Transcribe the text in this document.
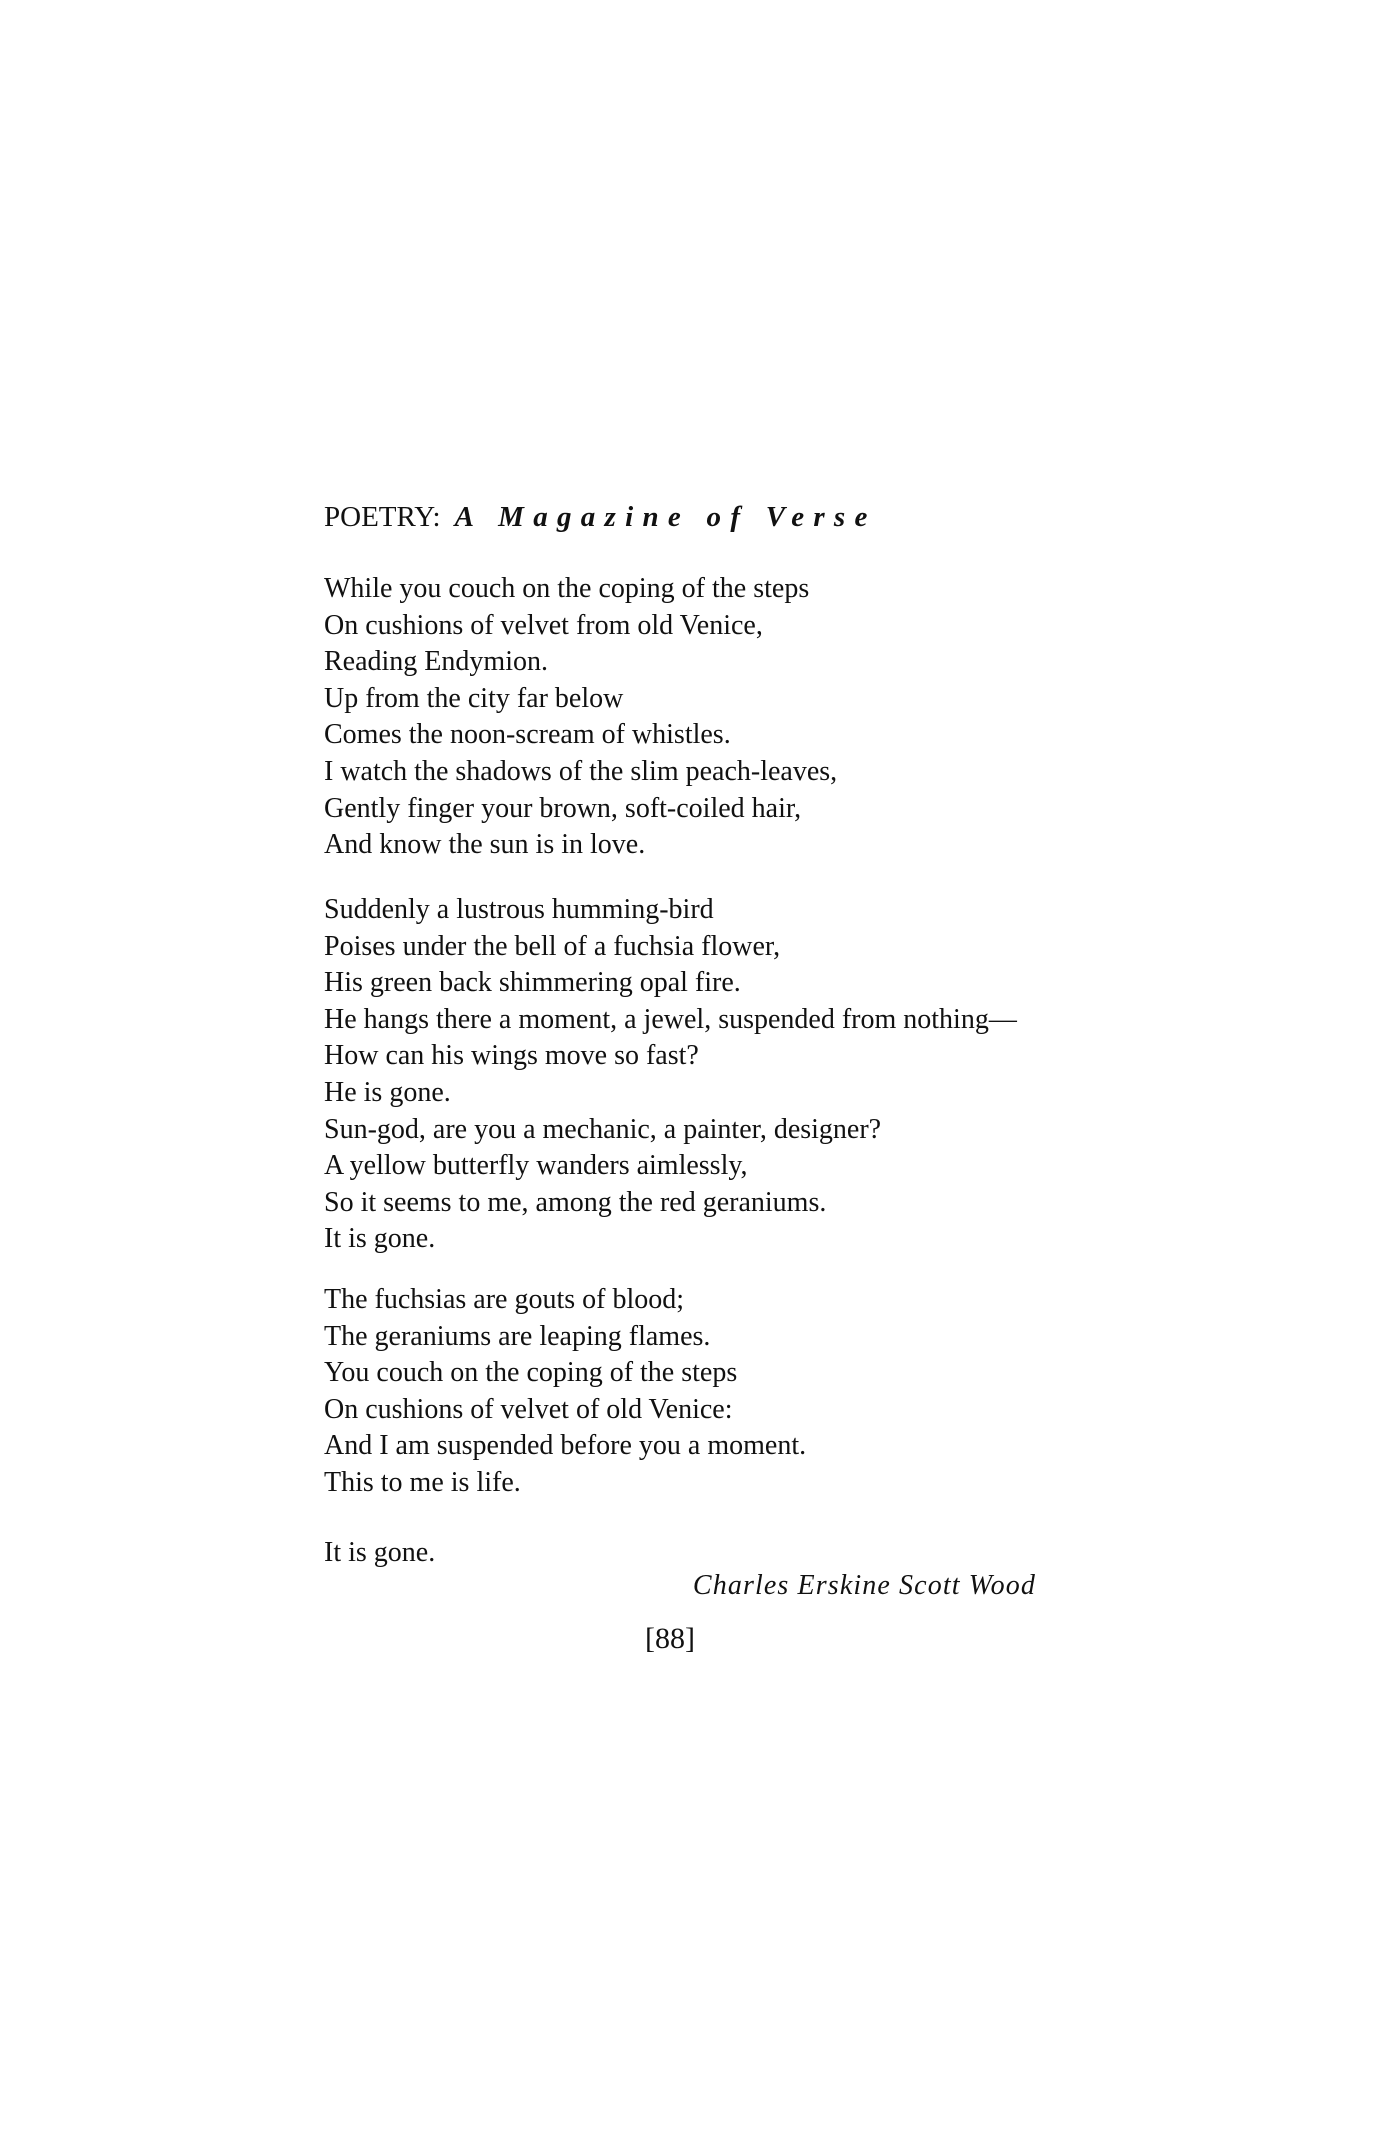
POETRY: A Magazine of Verse
While you couch on the coping of the steps
On cushions of velvet from old Venice,
Reading Endymion.
Up from the city far below
Comes the noon-scream of whistles.
I watch the shadows of the slim peach-leaves,
Gently finger your brown, soft-coiled hair,
And know the sun is in love.
Suddenly a lustrous humming-bird
Poises under the bell of a fuchsia flower,
His green back shimmering opal fire.
He hangs there a moment, a jewel, suspended from nothing—
How can his wings move so fast?
He is gone.
Sun-god, are you a mechanic, a painter, designer?
A yellow butterfly wanders aimlessly,
So it seems to me, among the red geraniums.
It is gone.
The fuchsias are gouts of blood;
The geraniums are leaping flames.
You couch on the coping of the steps
On cushions of velvet of old Venice:
And I am suspended before you a moment.
This to me is life.
It is gone.
Charles Erskine Scott Wood
[88]
